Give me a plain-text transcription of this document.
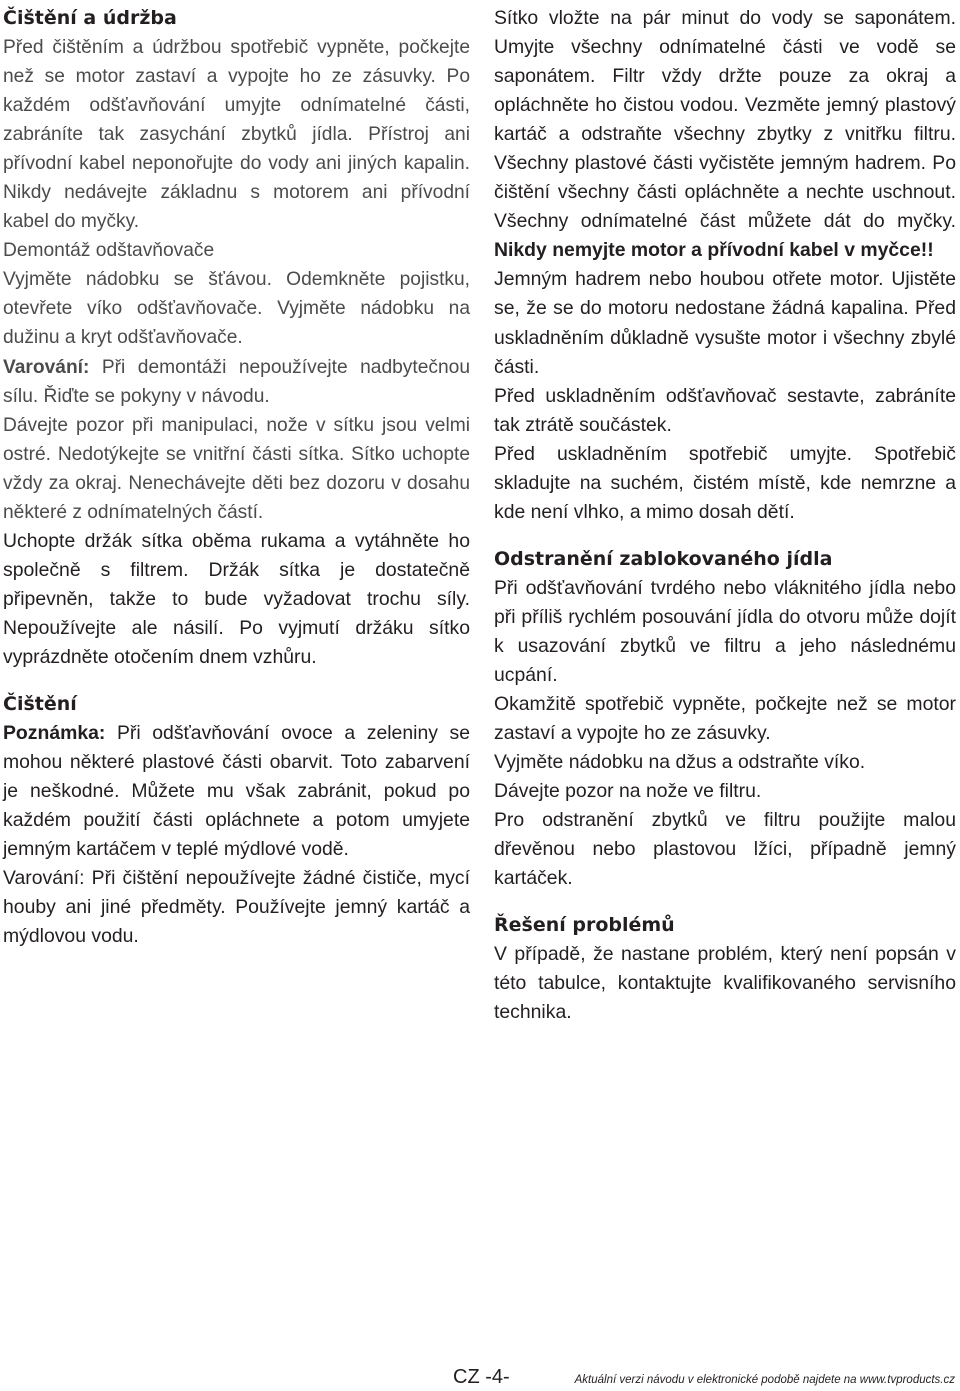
Čištění a údržba

Před čištěním a údržbou spotřebič vypněte, počkejte než se motor zastaví a vypojte ho ze zásuvky. Po každém odšťavňování umyjte odnímatelné části, zabráníte tak zasychání zbytků jídla. Přístroj ani přívodní kabel neponořujte do vody ani jiných kapalin. Nikdy nedávejte základnu s motorem ani přívodní kabel do myčky.

Demontáž odštavňovače

Vyjměte nádobku se šťávou. Odemkněte pojistku, otevřete víko odšťavňovače. Vyjměte nádobku na dužinu a kryt odšťavňovače.

Varování: Při demontáži nepoužívejte nadbytečnou sílu. Řiďte se pokyny v návodu.

Dávejte pozor při manipulaci, nože v sítku jsou velmi ostré. Nedotýkejte se vnitřní části sítka. Sítko uchopte vždy za okraj. Nenechávejte děti bez dozoru v dosahu některé z odnímatelných částí.

Uchopte držák sítka oběma rukama a vytáhněte ho společně s filtrem. Držák sítka je dostatečně připevněn, takže to bude vyžadovat trochu síly. Nepoužívejte ale násilí. Po vyjmutí držáku sítko vyprázdněte otočením dnem vzhůru.

Čištění

Poznámka: Při odšťavňování ovoce a zeleniny se mohou některé plastové části obarvit. Toto zabarvení je neškodné. Můžete mu však zabránit, pokud po každém použití části opláchnete a potom umyjete jemným kartáčem v teplé mýdlové vodě.

Varování: Při čištění nepoužívejte žádné čističe, mycí houby ani jiné předměty. Používejte jemný kartáč a mýdlovou vodu.

Sítko vložte na pár minut do vody se saponátem. Umyjte všechny odnímatelné části ve vodě se saponátem. Filtr vždy držte pouze za okraj a opláchněte ho čistou vodou. Vezměte jemný plastový kartáč a odstraňte všechny zbytky z vnitřku filtru. Všechny plastové části vyčistěte jemným hadrem. Po čištění všechny části opláchněte a nechte uschnout. Všechny odnímatelné část můžete dát do myčky. Nikdy nemyjte motor a přívodní kabel v myčce!!

Jemným hadrem nebo houbou otřete motor. Ujistěte se, že se do motoru nedostane žádná kapalina. Před uskladněním důkladně vysušte motor i všechny zbylé části.

Před uskladněním odšťavňovač sestavte, zabráníte tak ztrátě součástek.

Před uskladněním spotřebič umyjte. Spotřebič skladujte na suchém, čistém místě, kde nemrzne a kde není vlhko, a mimo dosah dětí.

Odstranění zablokovaného jídla

Při odšťavňování tvrdého nebo vláknitého jídla nebo při příliš rychlém posouvání jídla do otvoru může dojít k usazování zbytků ve filtru a jeho následnému ucpání.

Okamžitě spotřebič vypněte, počkejte než se motor zastaví a vypojte ho ze zásuvky.

Vyjměte nádobku na džus a odstraňte víko.

Dávejte pozor na nože ve filtru.

Pro odstranění zbytků ve filtru použijte malou dřevěnou nebo plastovou lžíci, případně jemný kartáček.

Řešení problémů

V případě, že nastane problém, který není popsán v této tabulce, kontaktujte kvalifikovaného servisního technika.

CZ -4-	Aktuální verzi návodu v elektronické podobě najdete na www.tvproducts.cz
